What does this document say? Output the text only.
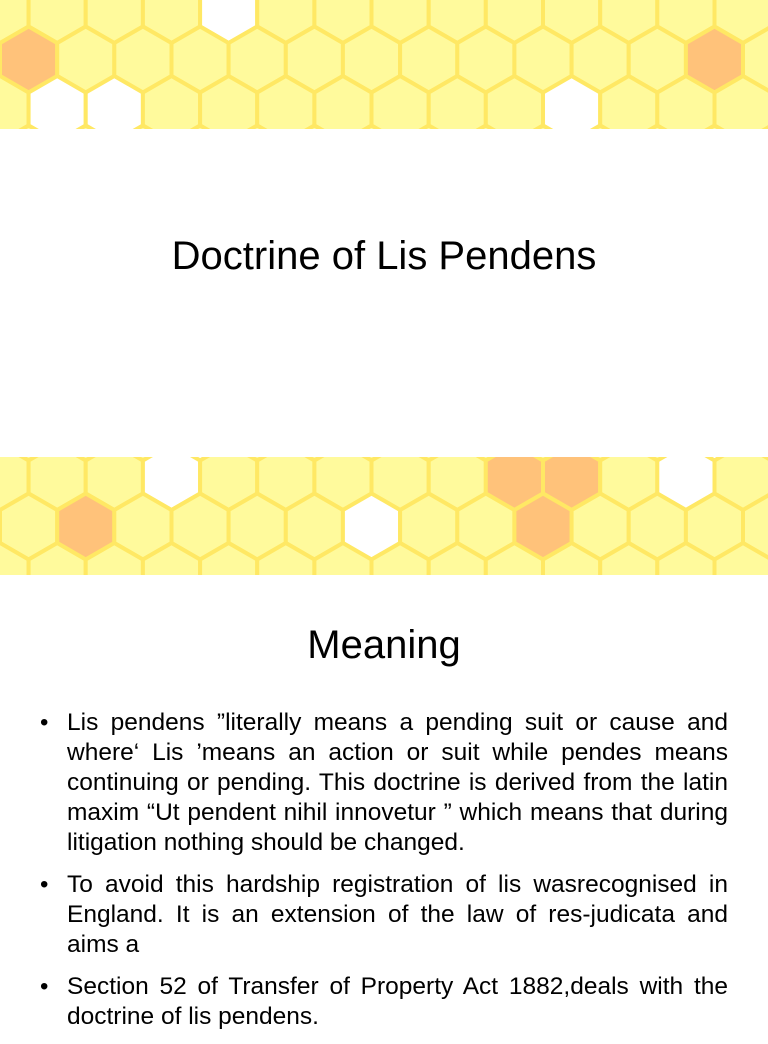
Doctrine of Lis Pendens
Meaning
• Lis pendens ”literally means a pending suit or cause and where‘ Lis ’means an action or suit while pendes means continuing or pending. This doctrine is derived from the latin maxim “Ut pendent nihil innovetur ” which means that during litigation nothing should be changed.
• To avoid this hardship registration of lis wasrecognised in England. It is an extension of the law of res-judicata and aims a
• Section 52 of Transfer of Property Act 1882,deals with the doctrine of lis pendens.
